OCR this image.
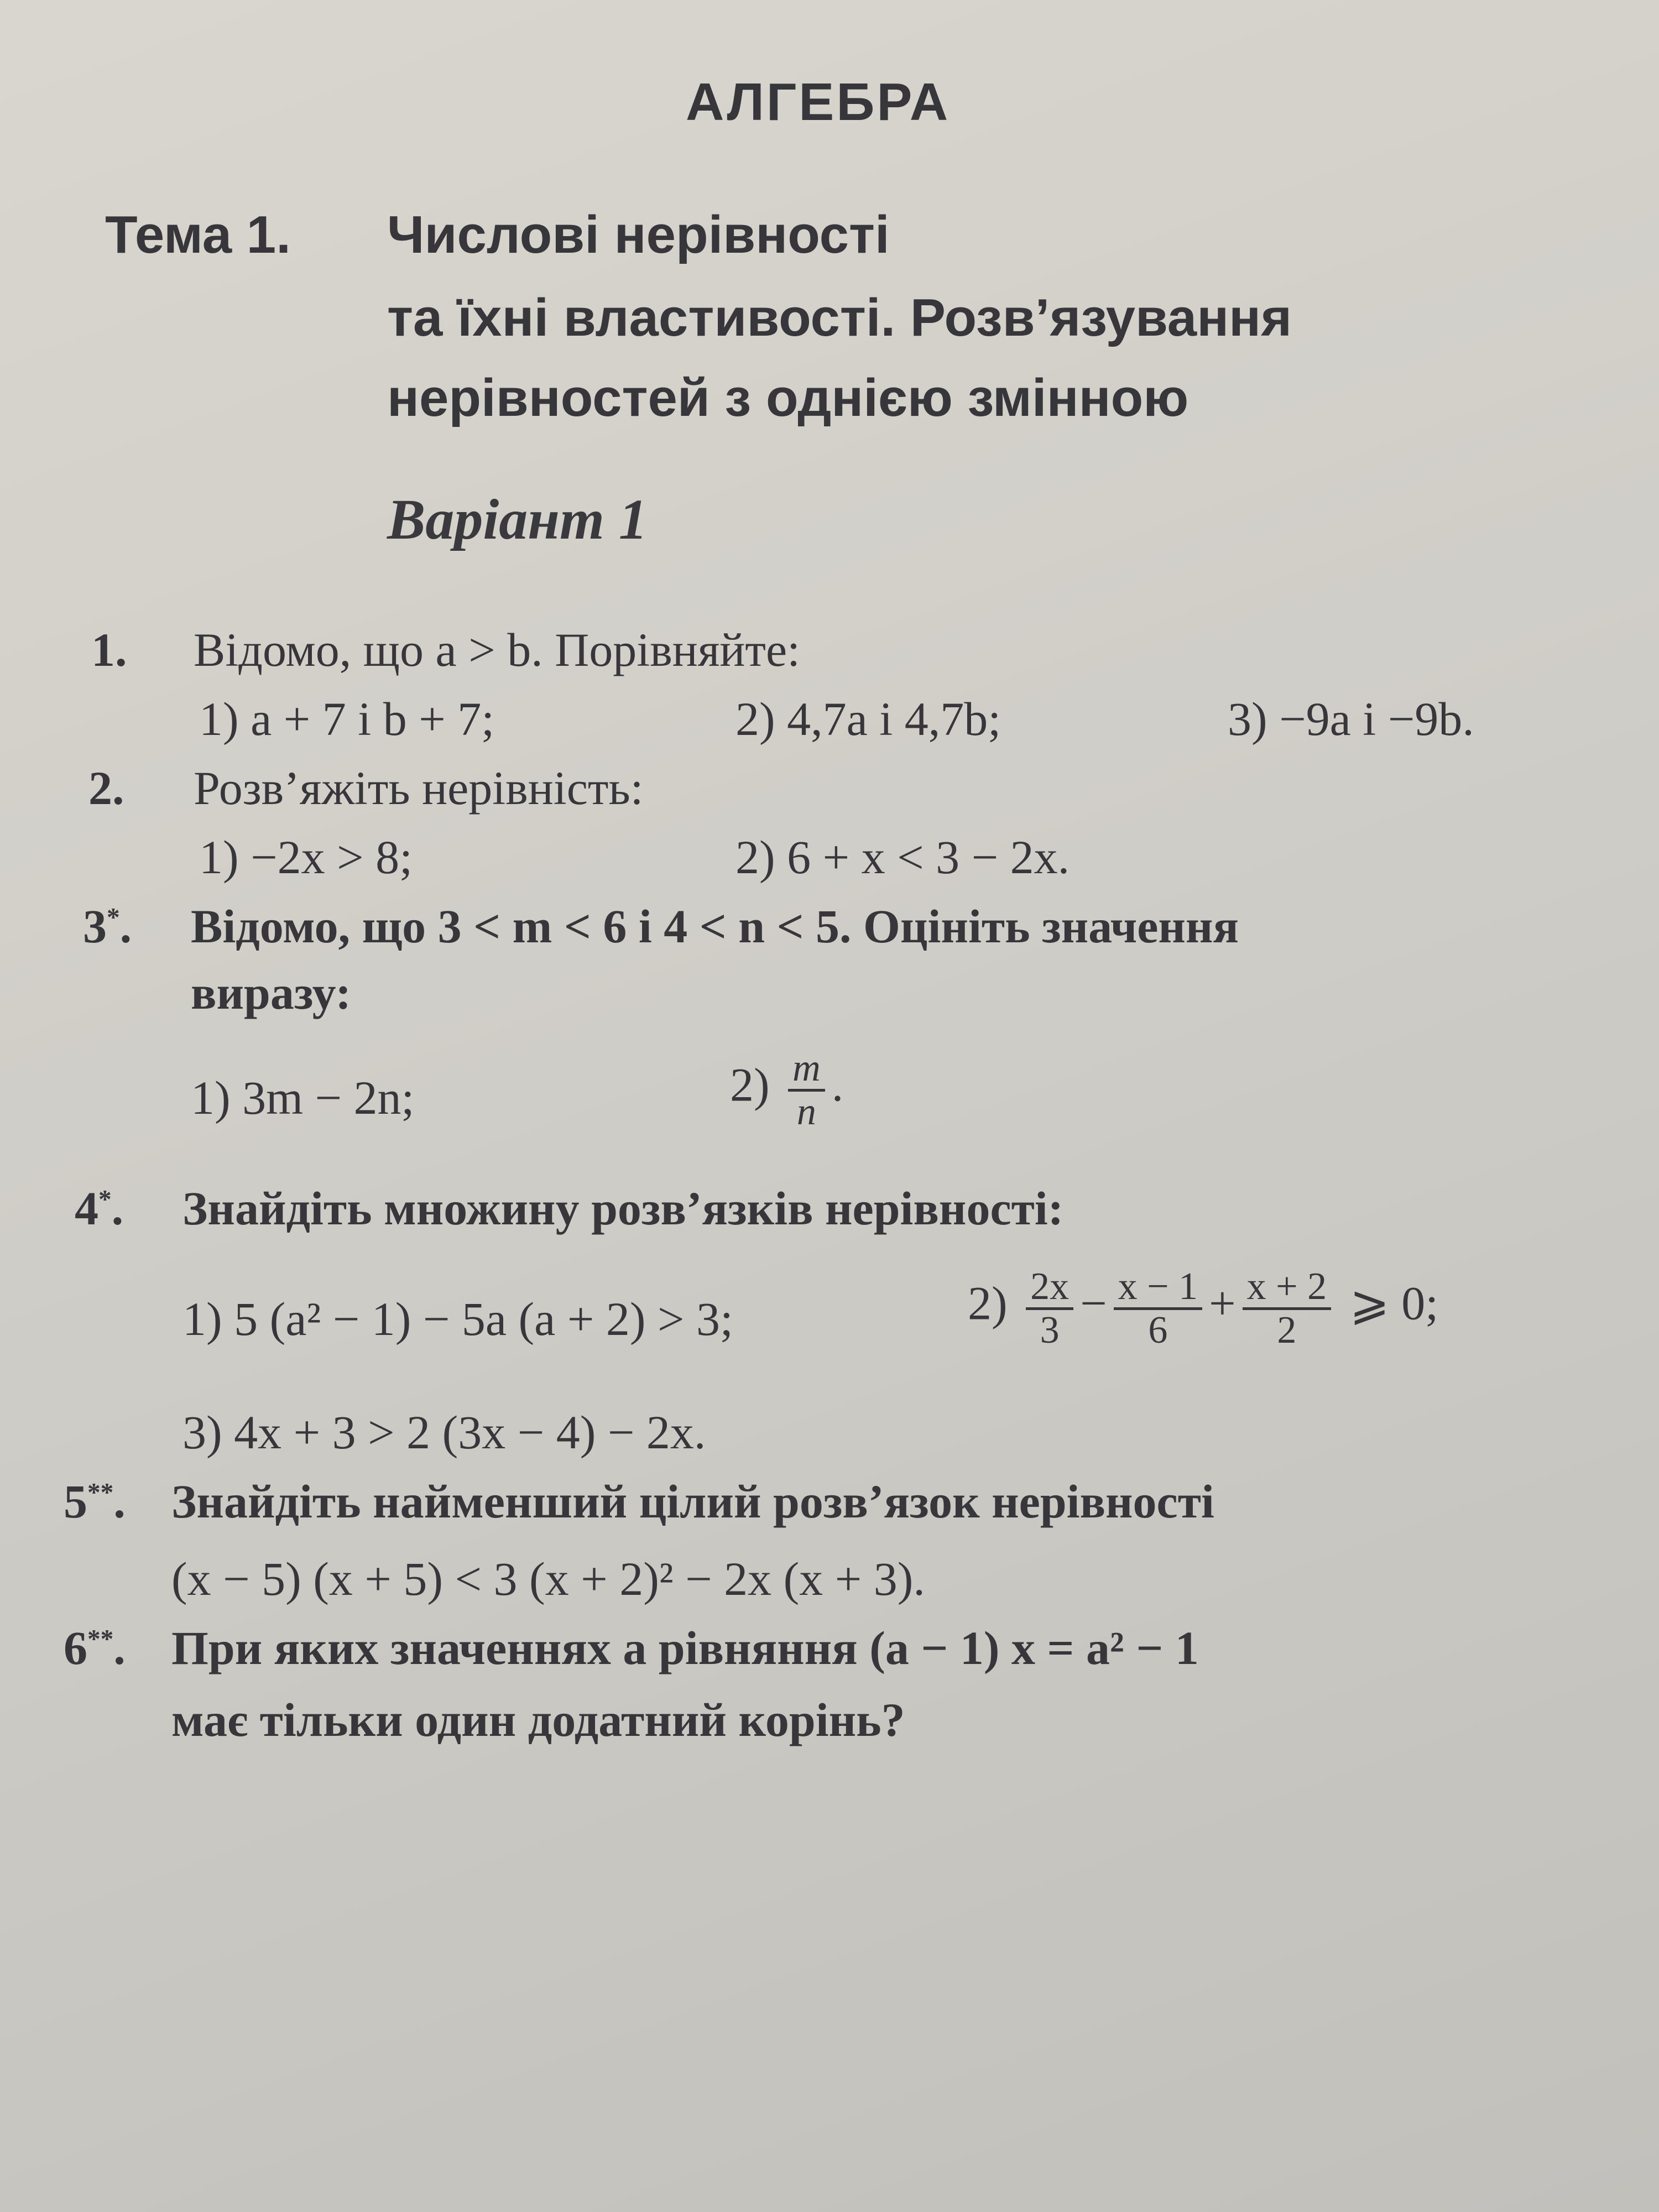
АЛГЕБРА
Тема 1. Числові нерівності
та їхні властивості. Розв’язування
нерівностей з однією змінною
Варіант 1
1. Відомо, що a > b. Порівняйте:
1) a + 7 і b + 7;	2) 4,7a і 4,7b;	3) −9a і −9b.
2. Розв’яжіть нерівність:
1) −2x > 8;	2) 6 + x < 3 − 2x.
3*. Відомо, що 3 < m < 6 і 4 < n < 5. Оцініть значення
виразу:
1) 3m − 2n;	$2) \frac{m}{n}$ .
4*. Знайдіть множину розв’язків нерівності:
1) 5 (a² − 1) − 5a (a + 2) > 3;	$2) \frac{2x}{3} - \frac{x - 1}{6} + \frac{x + 2}{2}$ ⩾ 0;
3) 4x + 3 > 2 (3x − 4) − 2x.
5**. Знайдіть найменший цілий розв’язок нерівності
(x − 5) (x + 5) < 3 (x + 2)² − 2x (x + 3).
6**. При яких значеннях a рівняння (a − 1) x = a² − 1
має тільки один додатний корінь?
